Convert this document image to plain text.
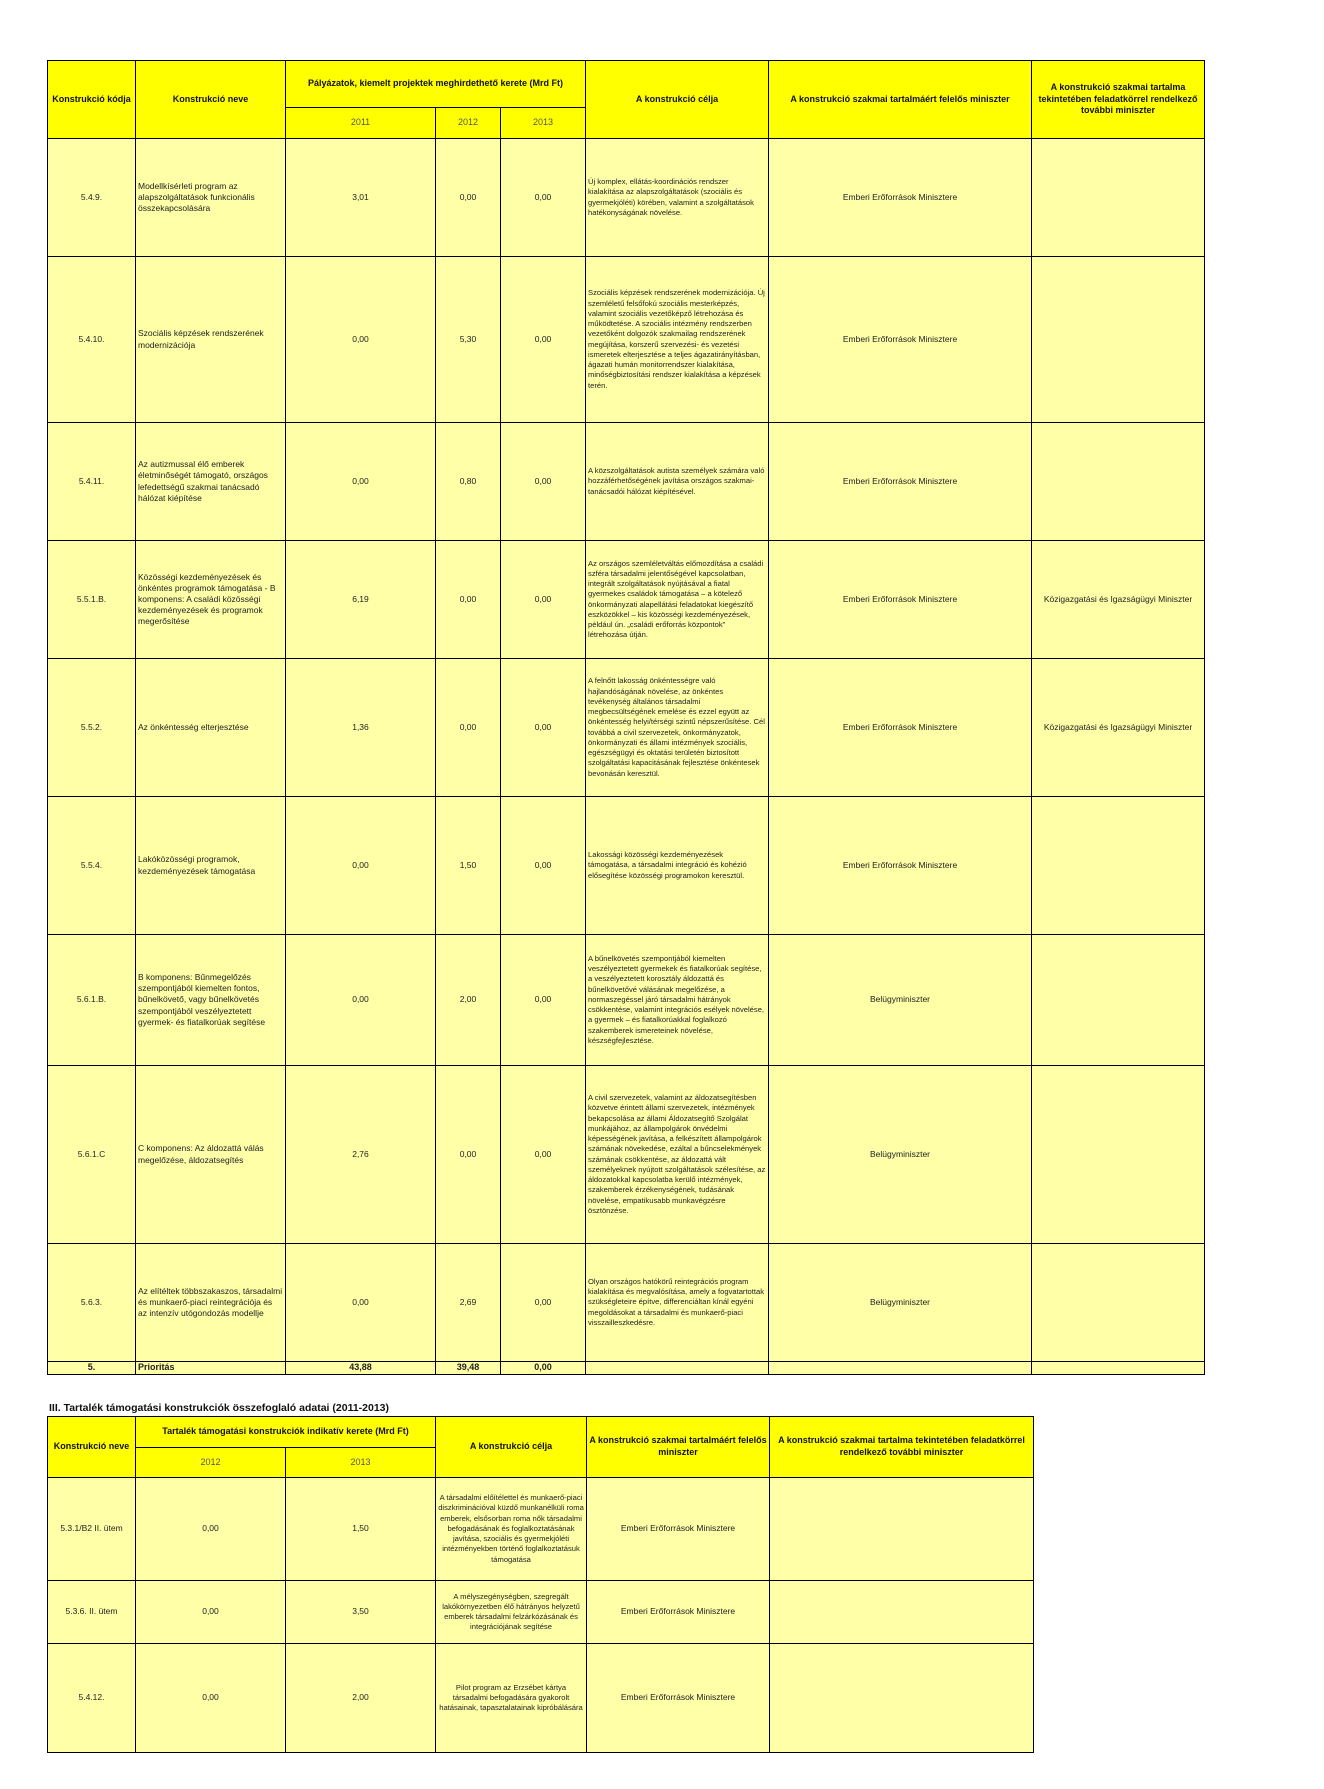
Konstrukció kódja	Konstrukció neve	Pályázatok, kiemelt projektek meghirdethető kerete (Mrd Ft)			A konstrukció célja	A konstrukció szakmai tartalmáért felelős miniszter	A konstrukció szakmai tartalma tekintetében feladatkörrel rendelkező további miniszter
		2011	2012	2013			
5.4.9.	Modellkísérleti program az alapszolgáltatások funkcionális összekapcsolására	3,01	0,00	0,00	Új komplex, ellátás-koordinációs rendszer kialakítása az alapszolgáltatások (szociális és gyermekjóléti) körében, valamint a szolgáltatások hatékonyságának növelése.	Emberi Erőforrások Minisztere	
5.4.10.	Szociális képzések rendszerének modernizációja	0,00	5,30	0,00	Szociális képzések rendszerének modernizációja. Új szemléletű felsőfokú szociális mesterképzés, valamint szociális vezetőképző létrehozása és működtetése. A szociális intézmény rendszerben vezetőként dolgozók szakmailag rendszerének megújítása, korszerű szervezési- és vezetési ismeretek elterjesztése a teljes ágazatirányításban, ágazati humán monitorrendszer kialakítása, minőségbiztosítási rendszer kialakítása a képzések terén.	Emberi Erőforrások Minisztere	
5.4.11.	Az autizmussal élő emberek életminőségét támogató, országos lefedettségű szakmai tanácsadó hálózat kiépítése	0,00	0,80	0,00	A közszolgáltatások autista személyek számára való hozzáférhetőségének javítása országos szakmai-tanácsadói hálózat kiépítésével.	Emberi Erőforrások Minisztere	
5.5.1.B.	Közösségi kezdeményezések és önkéntes programok támogatása - B komponens: A családi közösségi kezdeményezések és programok megerősítése	6,19	0,00	0,00	Az országos szemléletváltás előmozdítása a családi szféra társadalmi jelentőségével kapcsolatban, integrált szolgáltatások nyújtásával a fiatal gyermekes családok támogatása – a kötelező önkormányzati alapellátási feladatokat kiegészítő eszközökkel – kis közösségi kezdeményezések, például ún. „családi erőforrás központok” létrehozása útján.	Emberi Erőforrások Minisztere	Közigazgatási és Igazságügyi Miniszter
5.5.2.	Az önkéntesség elterjesztése	1,36	0,00	0,00	A felnőtt lakosság önkéntességre való hajlandóságának növelése, az önkéntes tevékenység általános társadalmi megbecsültségének emelése és ezzel együtt az önkéntesség helyi/térségi szintű népszerűsítése. Cél továbbá a civil szervezetek, önkormányzatok, önkormányzati és állami intézmények szociális, egészségügyi és oktatási területén biztosított szolgáltatási kapacitásának fejlesztése önkéntesek bevonásán keresztül.	Emberi Erőforrások Minisztere	Közigazgatási és Igazságügyi Miniszter
5.5.4.	Lakóközösségi programok, kezdeményezések támogatása	0,00	1,50	0,00	Lakossági közösségi kezdeményezések támogatása, a társadalmi integráció és kohézió elősegítése közösségi programokon keresztül.	Emberi Erőforrások Minisztere	
5.6.1.B.	B komponens: Bűnmegelőzés szempontjából kiemelten fontos, bűnelkövető, vagy bűnelkövetés szempontjából veszélyeztetett gyermek- és fiatalkorúak segítése	0,00	2,00	0,00	A bűnelkövetés szempontjából kiemelten veszélyeztetett gyermekek és fiatalkorúak segítése, a veszélyeztetett korosztály áldozattá és bűnelkövetővé válásának megelőzése, a normaszegéssel járó társadalmi hátrányok csökkentése, valamint integrációs esélyek növelése, a gyermek – és fiatalkorúakkal foglalkozó szakemberek ismereteinek növelése, készségfejlesztése.	Belügyminiszter	
5.6.1.C	C komponens: Az áldozattá válás megelőzése, áldozatsegítés	2,76	0,00	0,00	A civil szervezetek, valamint az áldozatsegítésben közvetve érintett állami szervezetek, intézmények bekapcsolása az állami Áldozatsegítő Szolgálat munkájához, az állampolgárok önvédelmi képességének javítása, a felkészített állampolgárok számának növekedése, ezáltal a bűncselekmények számának csökkentése, az áldozattá vált személyeknek nyújtott szolgáltatások szélesítése, az áldozatokkal kapcsolatba kerülő intézmények, szakemberek érzékenységének, tudásának növelése, empatikusabb munkavégzésre ösztönzése.	Belügyminiszter	
5.6.3.	Az elítéltek többszakaszos, társadalmi és munkaerő-piaci reintegrációja és az intenzív utógondozás modellje	0,00	2,69	0,00	Olyan országos hatókörű reintegrációs program kialakítása és megvalósítása, amely a fogvatartottak szükségleteire építve, differenciáltan kínál egyéni megoldásokat a társadalmi és munkaerő-piaci visszailleszkedésre.	Belügyminiszter	
5.	Prioritás	43,88	39,48	0,00			

III. Tartalék támogatási konstrukciók összefoglaló adatai (2011-2013)

Konstrukció neve	Tartalék támogatási konstrukciók indikatív kerete (Mrd Ft)		A konstrukció célja	A konstrukció szakmai tartalmáért felelős miniszter	A konstrukció szakmai tartalma tekintetében feladatkörrel rendelkező további miniszter
	2012	2013			
5.3.1/B2 II. ütem	0,00	1,50	A társadalmi előítélettel és munkaerő-piaci diszkriminációval küzdő munkanélküli roma emberek, elsősorban roma nők társadalmi befogadásának és foglalkoztatásának javítása, szociális és gyermekjóléti intézményekben történő foglalkoztatásuk támogatása	Emberi Erőforrások Minisztere	
5.3.6. II. ütem	0,00	3,50	A mélyszegénységben, szegregált lakókörnyezetben élő hátrányos helyzetű emberek társadalmi felzárkózásának és integrációjának segítése	Emberi Erőforrások Minisztere	
5.4.12.	0,00	2,00	Pilot program az Erzsébet kártya társadalmi befogadására gyakorolt hatásainak, tapasztalatainak kipróbálására	Emberi Erőforrások Minisztere	
